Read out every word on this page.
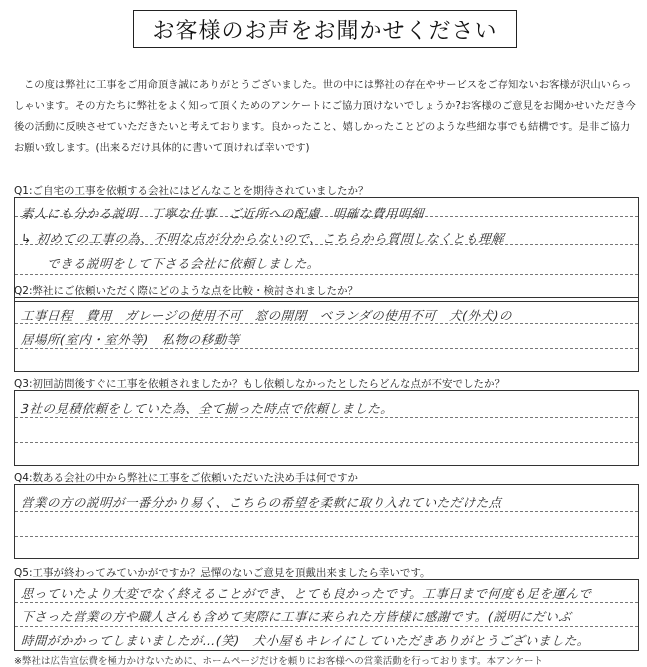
お客様のお声をお聞かせください
この度は弊社に工事をご用命頂き誠にありがとうございました。世の中には弊社の存在やサービスをご存知ないお客様が沢山いらっしゃいます。その方たちに弊社をよく知って頂くためのアンケートにご協力頂けないでしょうか?お客様のご意見をお聞かせいただき今後の活動に反映させていただきたいと考えております。良かったこと、嬉しかったことどのような些細な事でも結構です。是非ご協力お願い致します。(出来るだけ具体的に書いて頂ければ幸いです)
Q1:ご自宅の工事を依頼する会社にはどんなことを期待されていましたか？
素人にも分かる説明　丁寧な仕事　ご近所への配慮　明確な費用明細
↳ 初めての工事の為、不明な点が分からないので、こちらから質問しなくとも理解
できる説明をして下さる会社に依頼しました。
Q2:弊社にご依頼いただく際にどのような点を比較・検討されましたか？
工事日程　費用　ガレージの使用不可　窓の開閉　ベランダの使用不可　犬(外犬)の
居場所(室内・室外等)　私物の移動等
Q3:初回訪問後すぐに工事を依頼されましたか？もし依頼しなかったとしたらどんな点が不安でしたか？
3社の見積依頼をしていた為、全て揃った時点で依頼しました。
Q4:数ある会社の中から弊社に工事をご依頼いただいた決め手は何ですか
営業の方の説明が一番分かり易く、こちらの希望を柔軟に取り入れていただけた点
Q5:工事が終わってみていかがですか？忌憚のないご意見を頂戴出来ましたら幸いです。
思っていたより大変でなく終えることができ、とても良かったです。工事日まで何度も足を運んで
下さった営業の方や職人さんも含めて実際に工事に来られた方皆様に感謝です。(説明にだいぶ
時間がかかってしまいましたが…(笑)　犬小屋もキレイにしていただきありがとうございました。
※弊社は広告宣伝費を極力かけないために、ホームページだけを頼りにお客様への営業活動を行っております。本アンケート
